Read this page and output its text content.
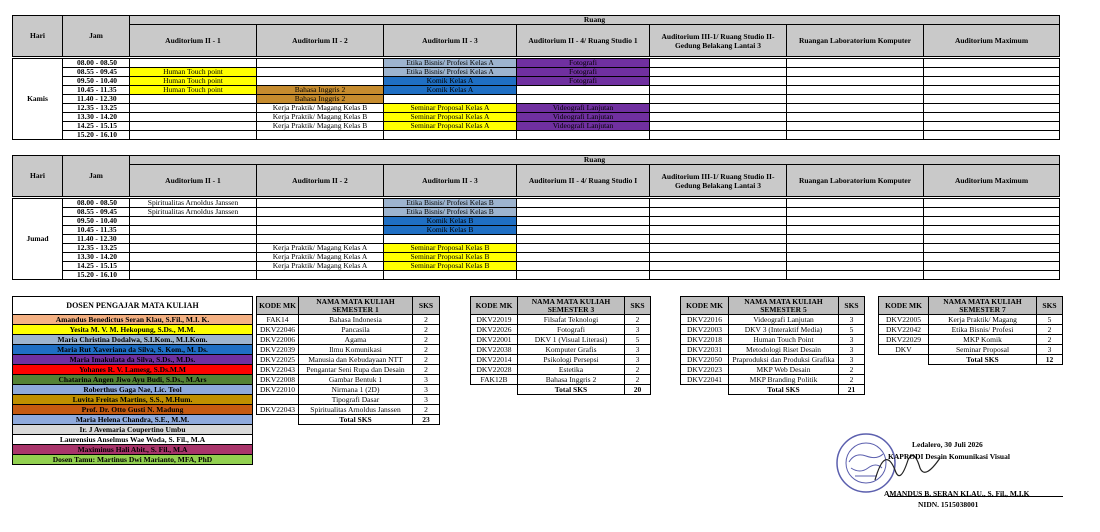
Hari	Jam	Ruang						
		Auditorium II - 1	Auditorium II - 2	Auditorium II - 3	Auditorium II - 4/ Ruang Studio 1	Auditorium III-1/ Ruang Studio II- Gedung Belakang Lantai 3	Ruangan Laboratorium Komputer	Auditorium Maximum

Kamis	08.00 - 08.50			Etika Bisnis/ Profesi Kelas A	Fotografi			
	08.55 - 09.45	Human Touch point		Etika Bisnis/ Profesi Kelas A	Fotografi			
	09.50 - 10.40	Human Touch point		Komik Kelas A	Fotografi			
	10.45 - 11.35	Human Touch point	Bahasa Inggris 2	Komik Kelas A				
	11.40 - 12.30		Bahasa Inggris 2					
	12.35 - 13.25		Kerja Praktik/ Magang Kelas B	Seminar Proposal Kelas A	Videografi Lanjutan			
	13.30 - 14.20		Kerja Praktik/ Magang Kelas B	Seminar Proposal Kelas A	Videografi Lanjutan			
	14.25 - 15.15		Kerja Praktik/ Magang Kelas B	Seminar Proposal Kelas A	Videografi Lanjutan			
	15.20 - 16.10							
Hari	Jam	Ruang						
		Auditorium II - 1	Auditorium II - 2	Auditorium II - 3	Auditorium II - 4/ Ruang Studio I	Auditorium III-1/ Ruang Studio II- Gedung Belakang Lantai 3	Ruangan Laboratorium Komputer	Auditorium Maximum

Jumad	08.00 - 08.50	Spiritualitas Arnoldus Janssen		Etika Bisnis/ Profesi Kelas B				
	08.55 - 09.45	Spiritualitas Arnoldus Janssen		Etika Bisnis/ Profesi Kelas B				
	09.50 - 10.40			Komik Kelas B				
	10.45 - 11.35			Komik Kelas B				
	11.40 - 12.30							
	12.35 - 13.25		Kerja Praktik/ Magang Kelas A	Seminar Proposal Kelas B				
	13.30 - 14.20		Kerja Praktik/ Magang Kelas A	Seminar Proposal Kelas B				
	14.25 - 15.15		Kerja Praktik/ Magang Kelas A	Seminar Proposal Kelas B				
	15.20 - 16.10							
DOSEN PENGAJAR MATA KULIAH
Amandus Benedictus Seran Klau, S.Fil., M.I. K.
Yesita M. V. M. Hekopung, S.Ds., M.M.
Maria Christina Dodalwa, S.I.Kom., M.I.Kom.
Maria Rut Xaveriana da Silva, S. Kom., M. Ds.
Maria Imakulata da Silva, S.Ds., M.Ds.
Yohanes R. V. Lamesg, S.Ds.M.M
Chatarina Angen Jiwo Ayu Budi, S.Ds., M.Ars
Roberthus Gaga Nae, Lic. Teol
Luvita Freitas Martins, S.S., M.Hum.
Prof. Dr. Otto Gusti N. Madung
Maria Helena Chandra, S.E., M.M.
Ir. J Avemaria Coupertino Umbu
Laurensius Anselmus Wae Woda, S. Fil., M.A
Maximinus Hali Abit., S. Fil., M.A
Dosen Tamu: Martinus Dwi Marianto, MFA, PhD
KODE MK	NAMA MATA KULIAH
SEMESTER 1	SKS
FAK14	Bahasa Indonesia	2
DKV22046	Pancasila	2
DKV22006	Agama	2
DKV22039	Ilmu Komunikasi	2
DKV22025	Manusia dan Kebudayaan NTT	2
DKV22043	Pengantar Seni Rupa dan Desain	2
DKV22008	Gambar Bentuk 1	3
DKV22010	Nirmana 1 (2D)	3
	Tipografi Dasar	3
DKV22043	Spiritualitas Arnoldus Janssen	2
	Total SKS	23
KODE MK	NAMA MATA KULIAH
SEMESTER 3	SKS
DKV22019	Filsafat Teknologi	2
DKV22026	Fotografi	3
DKV22001	DKV 1 (Visual Literasi)	5
DKV22038	Komputer Grafis	3
DKV22014	Psikologi Persepsi	3
DKV22028	Estetika	2
FAK12B	Bahasa Inggris 2	2
	Total SKS	20
KODE MK	NAMA MATA KULIAH
SEMESTER 5	SKS
DKV22016	Videografi Lanjutan	3
DKV22003	DKV 3 (Interaktif Media)	5
DKV22018	Human Touch Point	3
DKV22031	Metodologi Riset Desain	3
DKV22050	Praproduksi dan Produksi Grafika	3
DKV22023	MKP Web Desain	2
DKV22041	MKP Branding Politik	2
	Total SKS	21
KODE MK	NAMA MATA KULIAH
SEMESTER 7	SKS
DKV22005	Kerja Praktik/ Magang	5
DKV22042	Etika Bisnis/ Profesi	2
DKV22029	MKP Komik	2
DKV	Seminar Proposal	3
	Total SKS	12
Ledalero, 30 Juli 2026
KAPRODI Desain Komunikasi Visual
AMANDUS B. SERAN KLAU., S. Fil., M.I.K
NIDN. 1515038001
